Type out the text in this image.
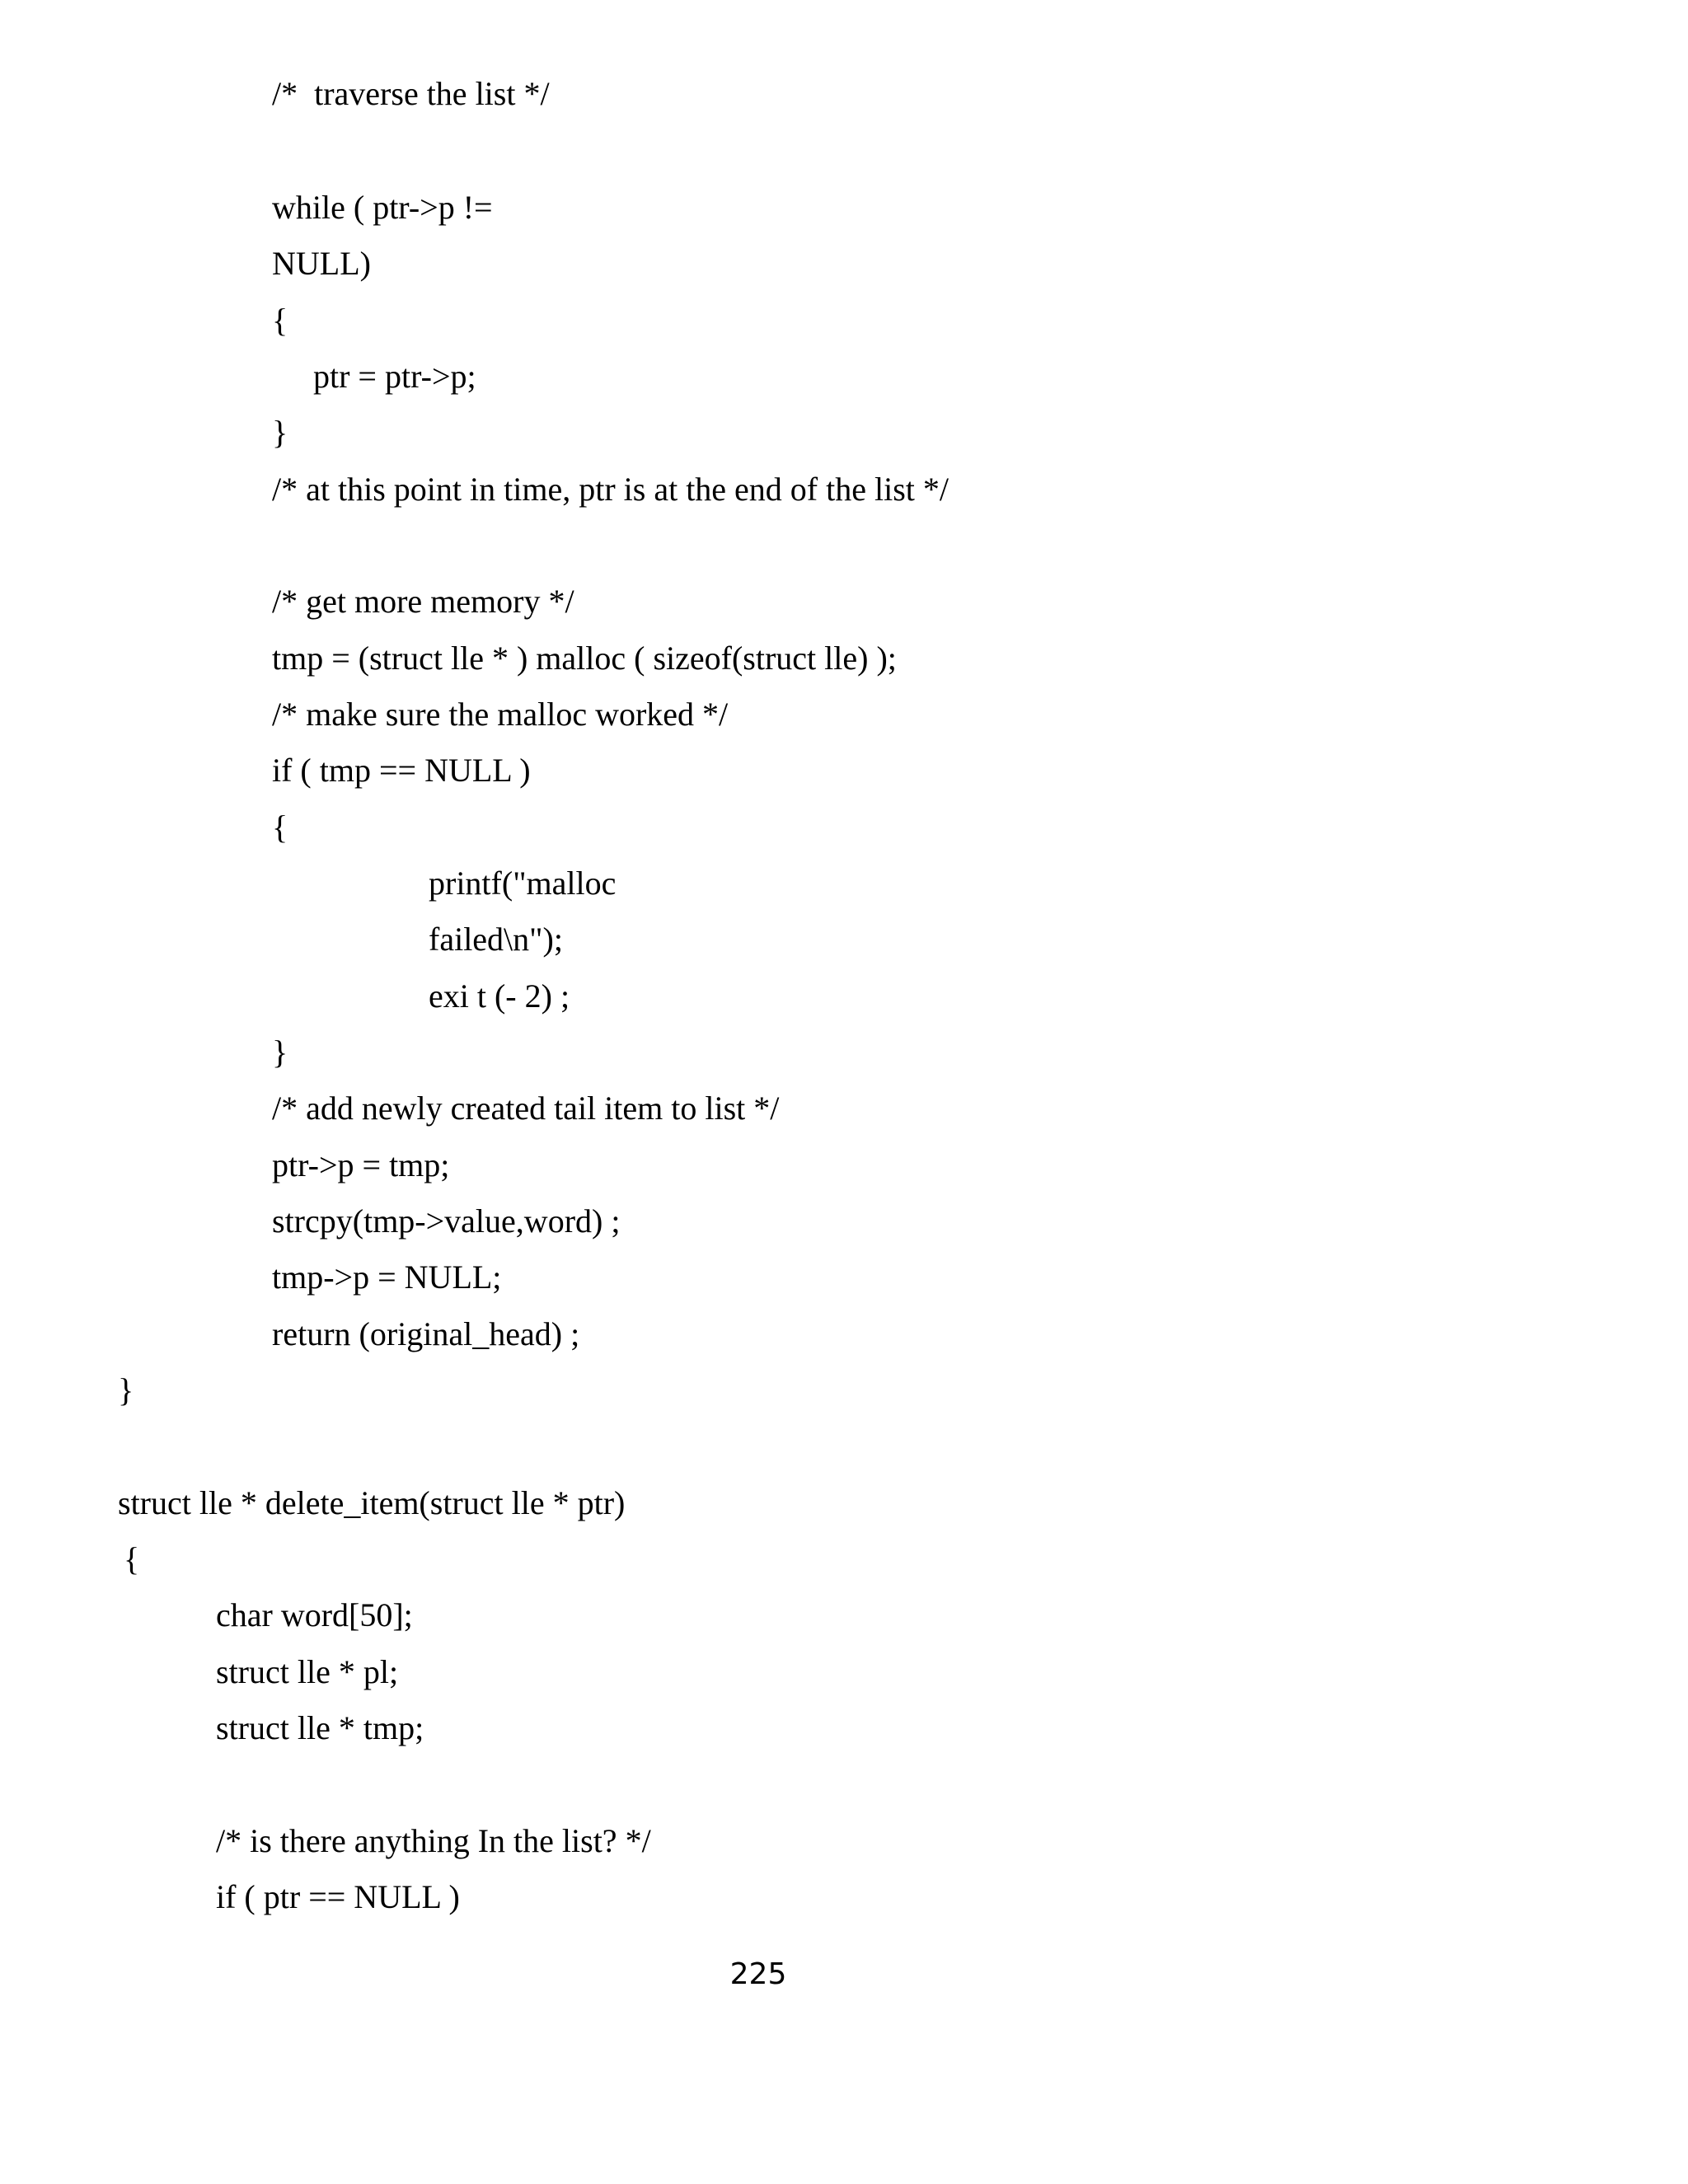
/*  traverse the list */
while ( ptr->p !=
NULL)
{
ptr = ptr->p;
}
/* at this point in time, ptr is at the end of the list */
/* get more memory */
tmp = (struct lle * ) malloc ( sizeof(struct lle) );
/* make sure the malloc worked */
if ( tmp == NULL )
{
printf("malloc
failed\n");
exi t (- 2) ;
}
/* add newly created tail item to list */
ptr->p = tmp;
strcpy(tmp->value,word) ;
tmp->p = NULL;
return (original_head) ;
}
struct lle * delete_item(struct lle * ptr)
{
char word[50];
struct lle * pl;
struct lle * tmp;
/* is there anything In the list? */
if ( ptr == NULL )
225
